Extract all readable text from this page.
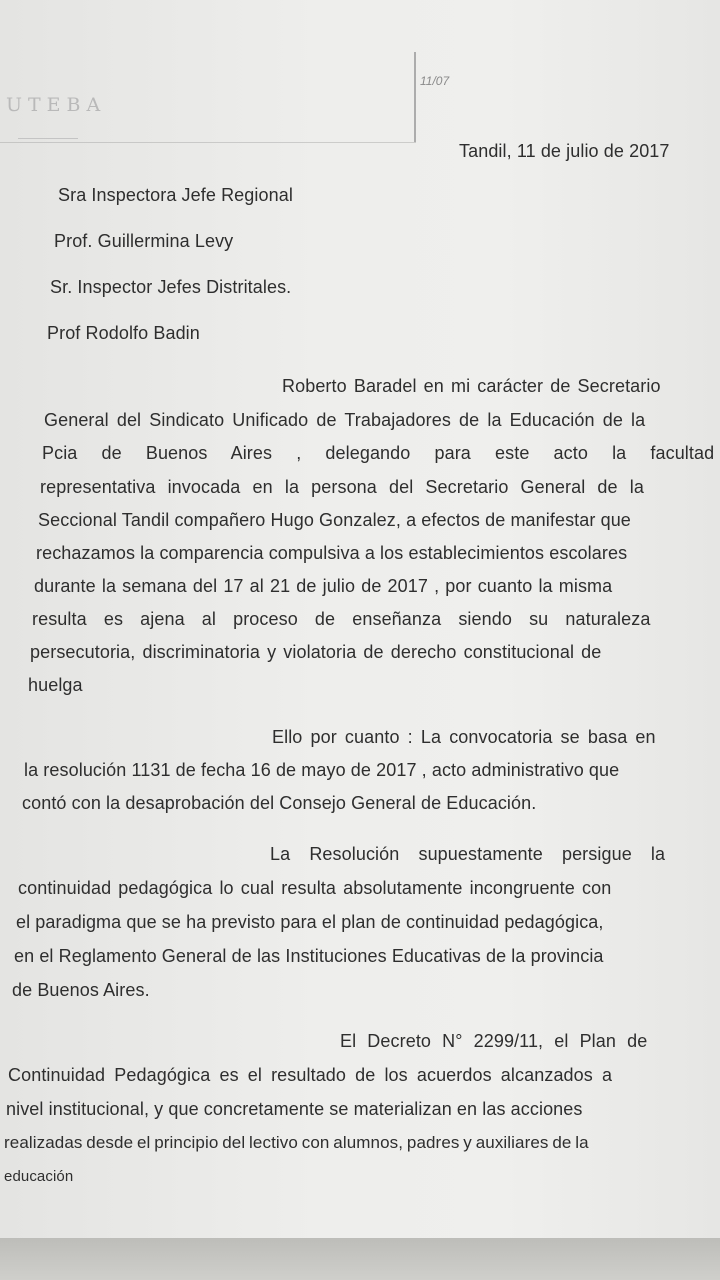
UTEBA
11/07
Tandil, 11 de julio de 2017
Sra Inspectora Jefe Regional
Prof. Guillermina Levy
Sr. Inspector Jefes Distritales.
Prof Rodolfo Badin
Roberto Baradel en mi carácter de Secretario
General del Sindicato Unificado de Trabajadores de la Educación de la
Pcia de Buenos Aires , delegando para este acto la facultad
representativa invocada en la persona del Secretario General de la
Seccional Tandil compañero Hugo Gonzalez, a efectos de manifestar que
rechazamos la comparencia compulsiva a los establecimientos escolares
durante la semana del 17 al 21 de julio de 2017 , por cuanto la misma
resulta es ajena al proceso de enseñanza siendo su naturaleza
persecutoria, discriminatoria y violatoria de derecho constitucional de
huelga
Ello por cuanto : La convocatoria se basa en
la resolución 1131 de fecha 16 de mayo de 2017 , acto administrativo que
contó con la desaprobación del Consejo General de Educación.
La Resolución supuestamente persigue la
continuidad pedagógica lo cual resulta absolutamente incongruente con
el paradigma que se ha previsto para el plan de continuidad pedagógica,
en el Reglamento General de las Instituciones Educativas de la provincia
de Buenos Aires.
El Decreto N° 2299/11, el Plan de
Continuidad Pedagógica es el resultado de los acuerdos alcanzados a
nivel institucional, y que concretamente se materializan en las acciones
realizadas desde el principio del lectivo con alumnos, padres y auxiliares de la
educación
